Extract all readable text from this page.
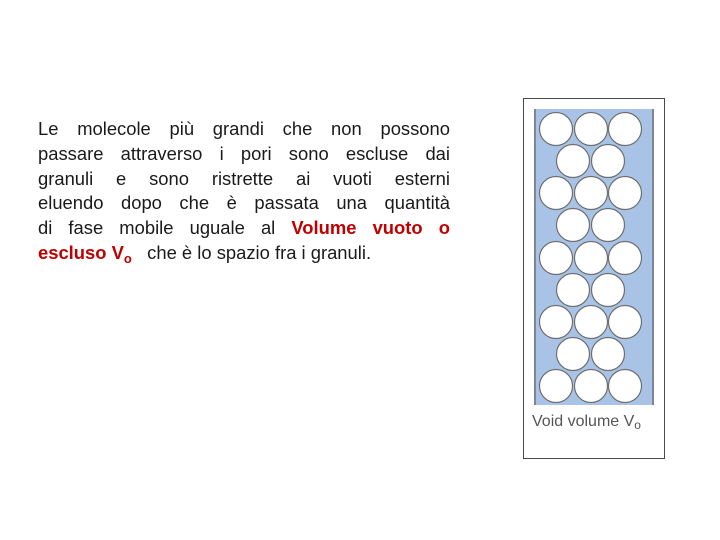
Le molecole più grandi che non possono
passare attraverso i pori sono escluse dai
granuli e sono ristrette ai vuoti esterni
eluendo dopo che è passata una quantità
di fase mobile uguale al Volume vuoto o
escluso $V_o$ che è lo spazio fra i granuli.
Void volume Vo
